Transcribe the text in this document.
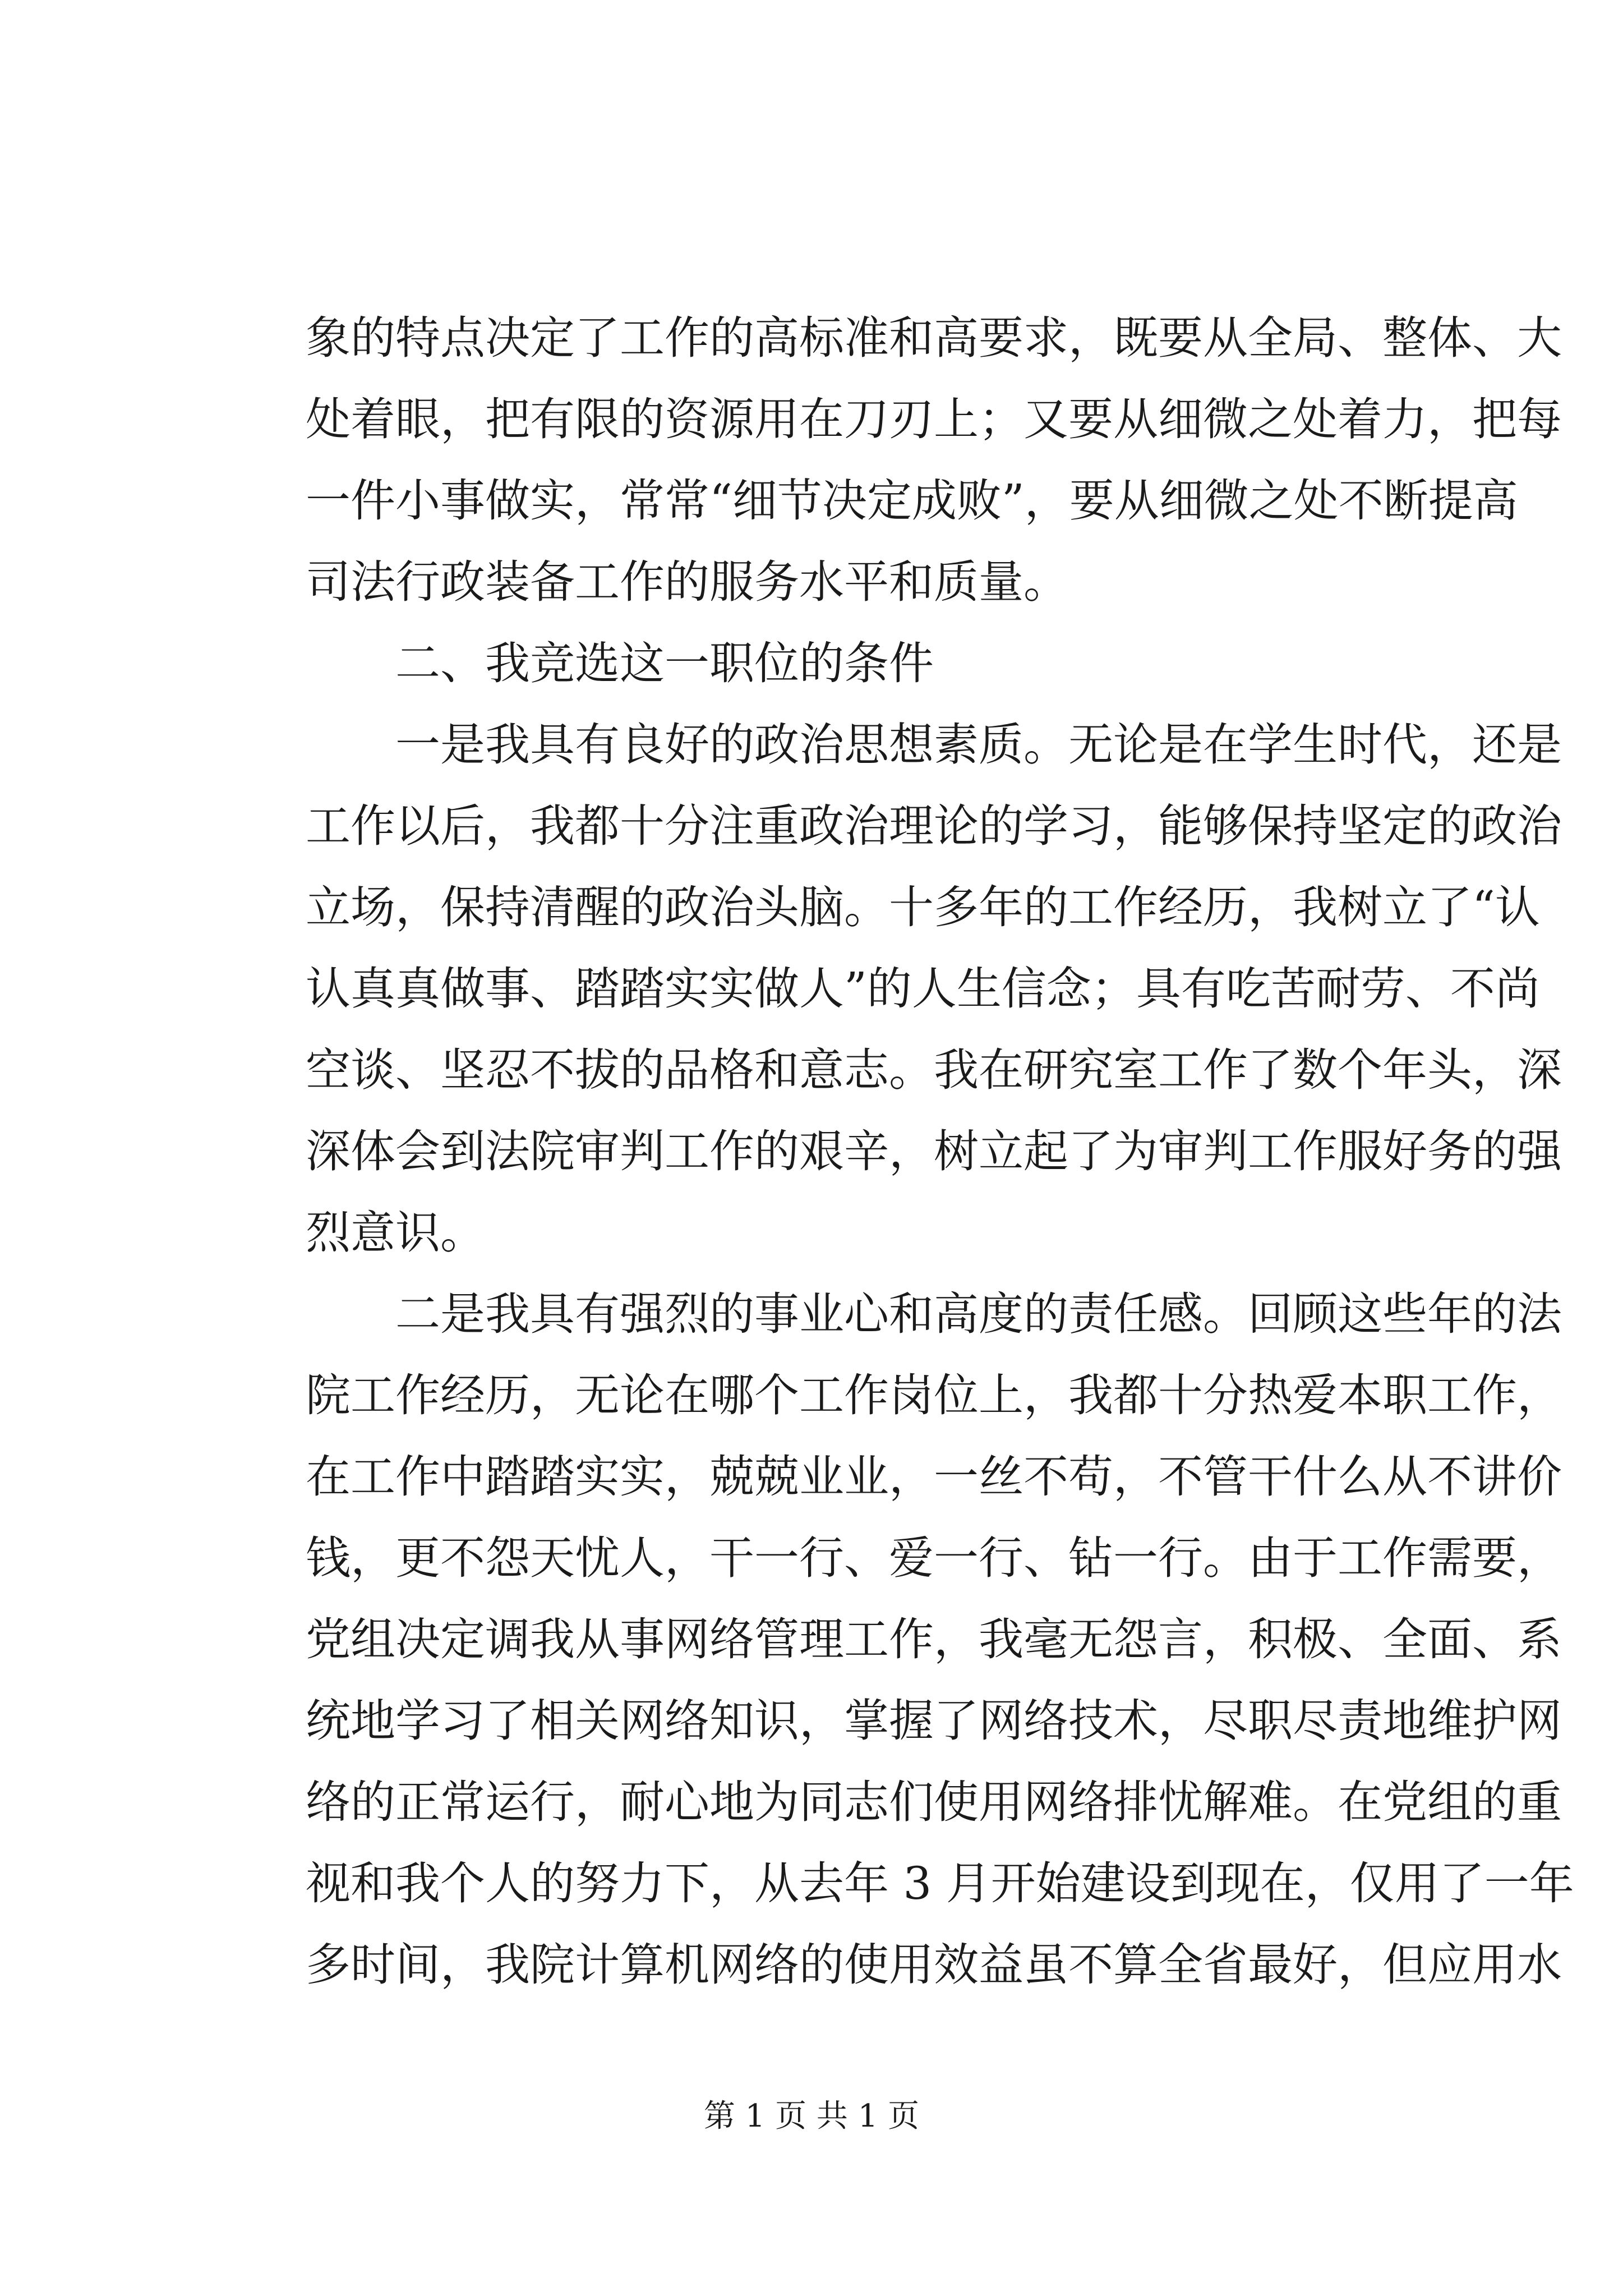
象的特点决定了工作的高标准和高要求，既要从全局、整体、大

处着眼，把有限的资源用在刀刃上；又要从细微之处着力，把每

一件小事做实，常常“细节决定成败”，要从细微之处不断提高

司法行政装备工作的服务水平和质量。

二、我竞选这一职位的条件

一是我具有良好的政治思想素质。无论是在学生时代，还是

工作以后，我都十分注重政治理论的学习，能够保持坚定的政治

立场，保持清醒的政治头脑。十多年的工作经历，我树立了“认

认真真做事、踏踏实实做人”的人生信念；具有吃苦耐劳、不尚

空谈、坚忍不拔的品格和意志。我在研究室工作了数个年头，深

深体会到法院审判工作的艰辛，树立起了为审判工作服好务的强

烈意识。

二是我具有强烈的事业心和高度的责任感。回顾这些年的法

院工作经历，无论在哪个工作岗位上，我都十分热爱本职工作，

在工作中踏踏实实，兢兢业业，一丝不苟，不管干什么从不讲价

钱，更不怨天忧人，干一行、爱一行、钻一行。由于工作需要，

党组决定调我从事网络管理工作，我毫无怨言，积极、全面、系

统地学习了相关网络知识，掌握了网络技术，尽职尽责地维护网

络的正常运行，耐心地为同志们使用网络排忧解难。在党组的重

视和我个人的努力下，从去年 3 月开始建设到现在，仅用了一年

多时间，我院计算机网络的使用效益虽不算全省最好，但应用水

第 1 页 共 1 页
